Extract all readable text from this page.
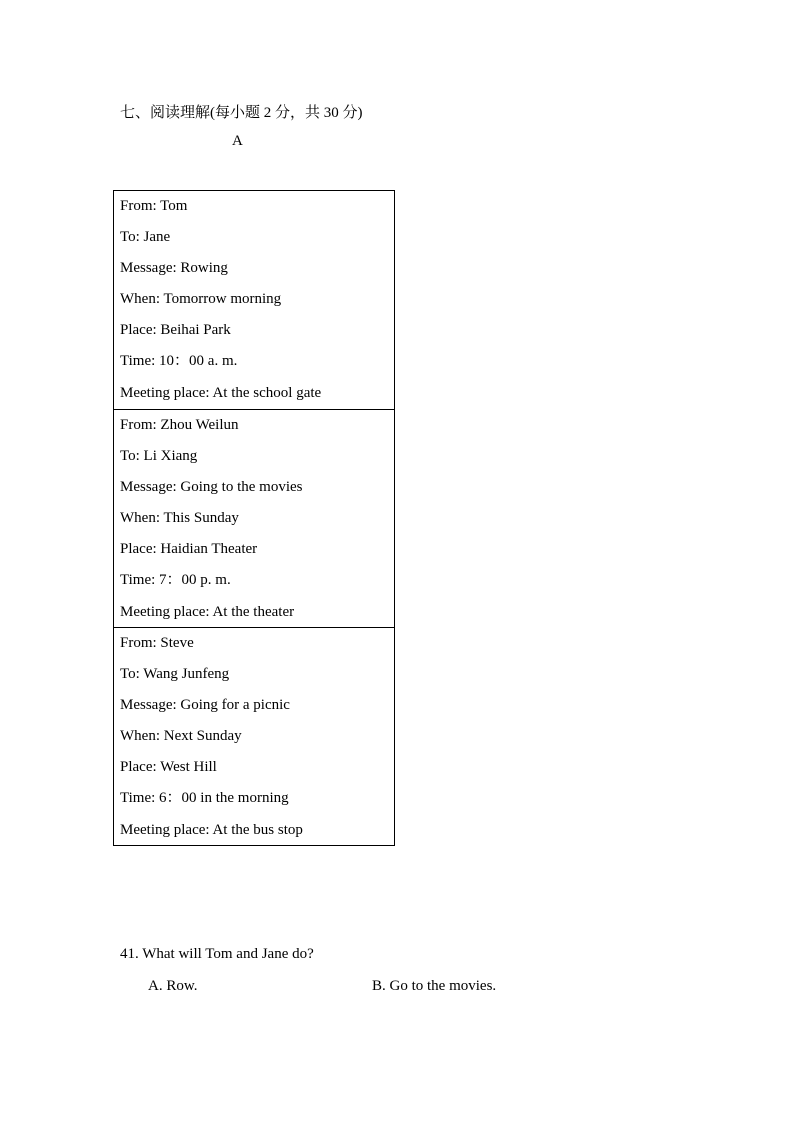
七、阅读理解(每小题 2 分，共 30 分)
A
From: Tom
To: Jane
Message: Rowing
When: Tomorrow morning
Place: Beihai Park
Time: 10：00 a. m.
Meeting place: At the school gate
From: Zhou Weilun
To: Li Xiang
Message: Going to the movies
When: This Sunday
Place: Haidian Theater
Time: 7：00 p. m.
Meeting place: At the theater
From: Steve
To: Wang Junfeng
Message: Going for a picnic
When: Next Sunday
Place: West Hill
Time: 6：00 in the morning
Meeting place: At the bus stop
41. What will Tom and Jane do?
A. Row.	B. Go to the movies.
